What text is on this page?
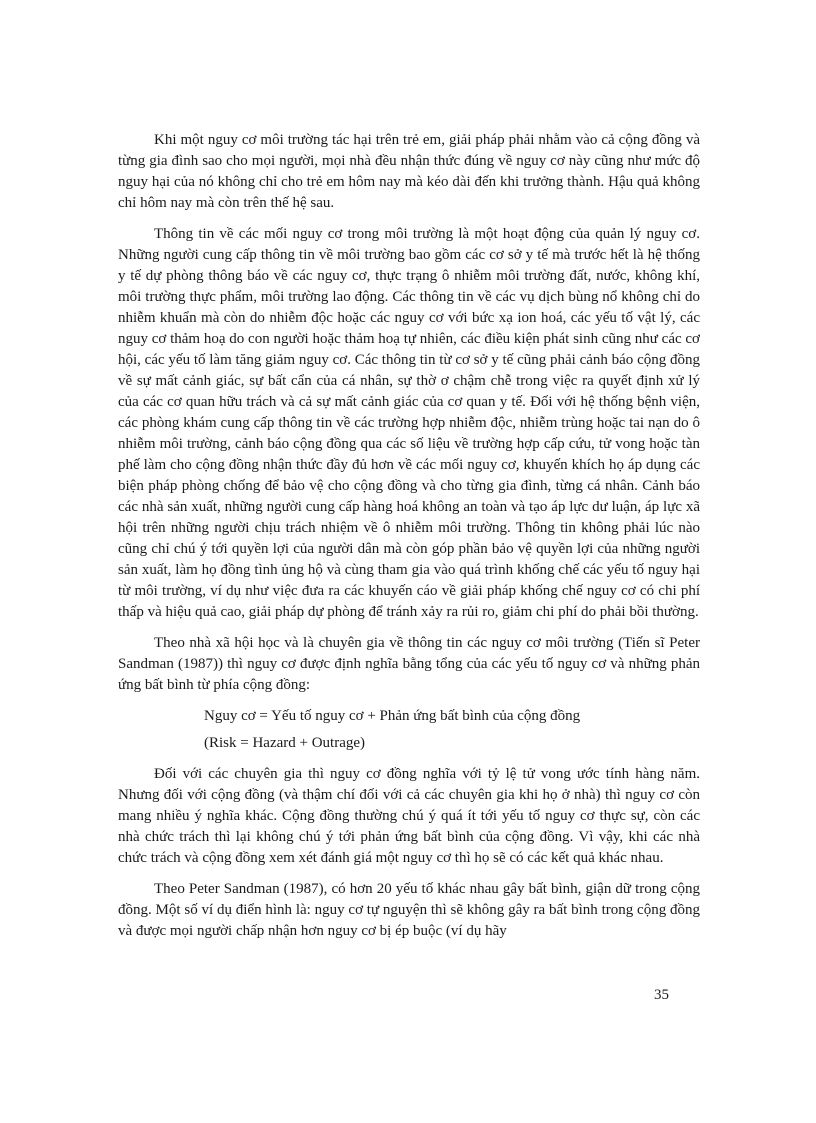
Khi một nguy cơ môi trường tác hại trên trẻ em, giải pháp phải nhằm vào cả cộng đồng và từng gia đình sao cho mọi người, mọi nhà đều nhận thức đúng về nguy cơ này cũng như mức độ nguy hại của nó không chỉ cho trẻ em hôm nay mà kéo dài đến khi trưởng thành. Hậu quả không chỉ hôm nay mà còn trên thế hệ sau.

Thông tin về các mối nguy cơ trong môi trường là một hoạt động của quản lý nguy cơ. Những người cung cấp thông tin về môi trường bao gồm các cơ sở y tế mà trước hết là hệ thống y tế dự phòng thông báo về các nguy cơ, thực trạng ô nhiễm môi trường đất, nước, không khí, môi trường thực phẩm, môi trường lao động. Các thông tin về các vụ dịch bùng nổ không chỉ do nhiễm khuẩn mà còn do nhiễm độc hoặc các nguy cơ với bức xạ ion hoá, các yếu tố vật lý, các nguy cơ thảm hoạ do con người hoặc thảm hoạ tự nhiên, các điều kiện phát sinh cũng như các cơ hội, các yếu tố làm tăng giảm nguy cơ. Các thông tin từ cơ sở y tế cũng phải cảnh báo cộng đồng về sự mất cảnh giác, sự bất cẩn của cá nhân, sự thờ ơ chậm chễ trong việc ra quyết định xử lý của các cơ quan hữu trách và cả sự mất cảnh giác của cơ quan y tế. Đối với hệ thống bệnh viện, các phòng khám cung cấp thông tin về các trường hợp nhiễm độc, nhiễm trùng hoặc tai nạn do ô nhiễm môi trường, cảnh báo cộng đồng qua các số liệu về trường hợp cấp cứu, tử vong hoặc tàn phế làm cho cộng đồng nhận thức đầy đủ hơn về các mối nguy cơ, khuyến khích họ áp dụng các biện pháp phòng chống để bảo vệ cho cộng đồng và cho từng gia đình, từng cá nhân. Cảnh báo các nhà sản xuất, những người cung cấp hàng hoá không an toàn và tạo áp lực dư luận, áp lực xã hội trên những người chịu trách nhiệm về ô nhiễm môi trường. Thông tin không phải lúc nào cũng chỉ chú ý tới quyền lợi của người dân mà còn góp phần bảo vệ quyền lợi của những người sản xuất, làm họ đồng tình ủng hộ và cùng tham gia vào quá trình khống chế các yếu tố nguy hại từ môi trường, ví dụ như việc đưa ra các khuyến cáo về giải pháp khống chế nguy cơ có chi phí thấp và hiệu quả cao, giải pháp dự phòng để tránh xảy ra rủi ro, giảm chi phí do phải bồi thường.

Theo nhà xã hội học và là chuyên gia về thông tin các nguy cơ môi trường (Tiến sĩ Peter Sandman (1987)) thì nguy cơ được định nghĩa bằng tổng của các yếu tố nguy cơ và những phản ứng bất bình từ phía cộng đồng:

Nguy cơ = Yếu tố nguy cơ + Phản ứng bất bình của cộng đồng

(Risk = Hazard + Outrage)

Đối với các chuyên gia thì nguy cơ đồng nghĩa với tỷ lệ tử vong ước tính hàng năm. Nhưng đối với cộng đồng (và thậm chí đối với cả các chuyên gia khi họ ở nhà) thì nguy cơ còn mang nhiều ý nghĩa khác. Cộng đồng thường chú ý quá ít tới yếu tố nguy cơ thực sự, còn các nhà chức trách thì lại không chú ý tới phản ứng bất bình của cộng đồng. Vì vậy, khi các nhà chức trách và cộng đồng xem xét đánh giá một nguy cơ thì họ sẽ có các kết quả khác nhau.

Theo Peter Sandman (1987), có hơn 20 yếu tố khác nhau gây bất bình, giận dữ trong cộng đồng. Một số ví dụ điển hình là: nguy cơ tự nguyện thì sẽ không gây ra bất bình trong cộng đồng và được mọi người chấp nhận hơn nguy cơ bị ép buộc (ví dụ hãy

35
